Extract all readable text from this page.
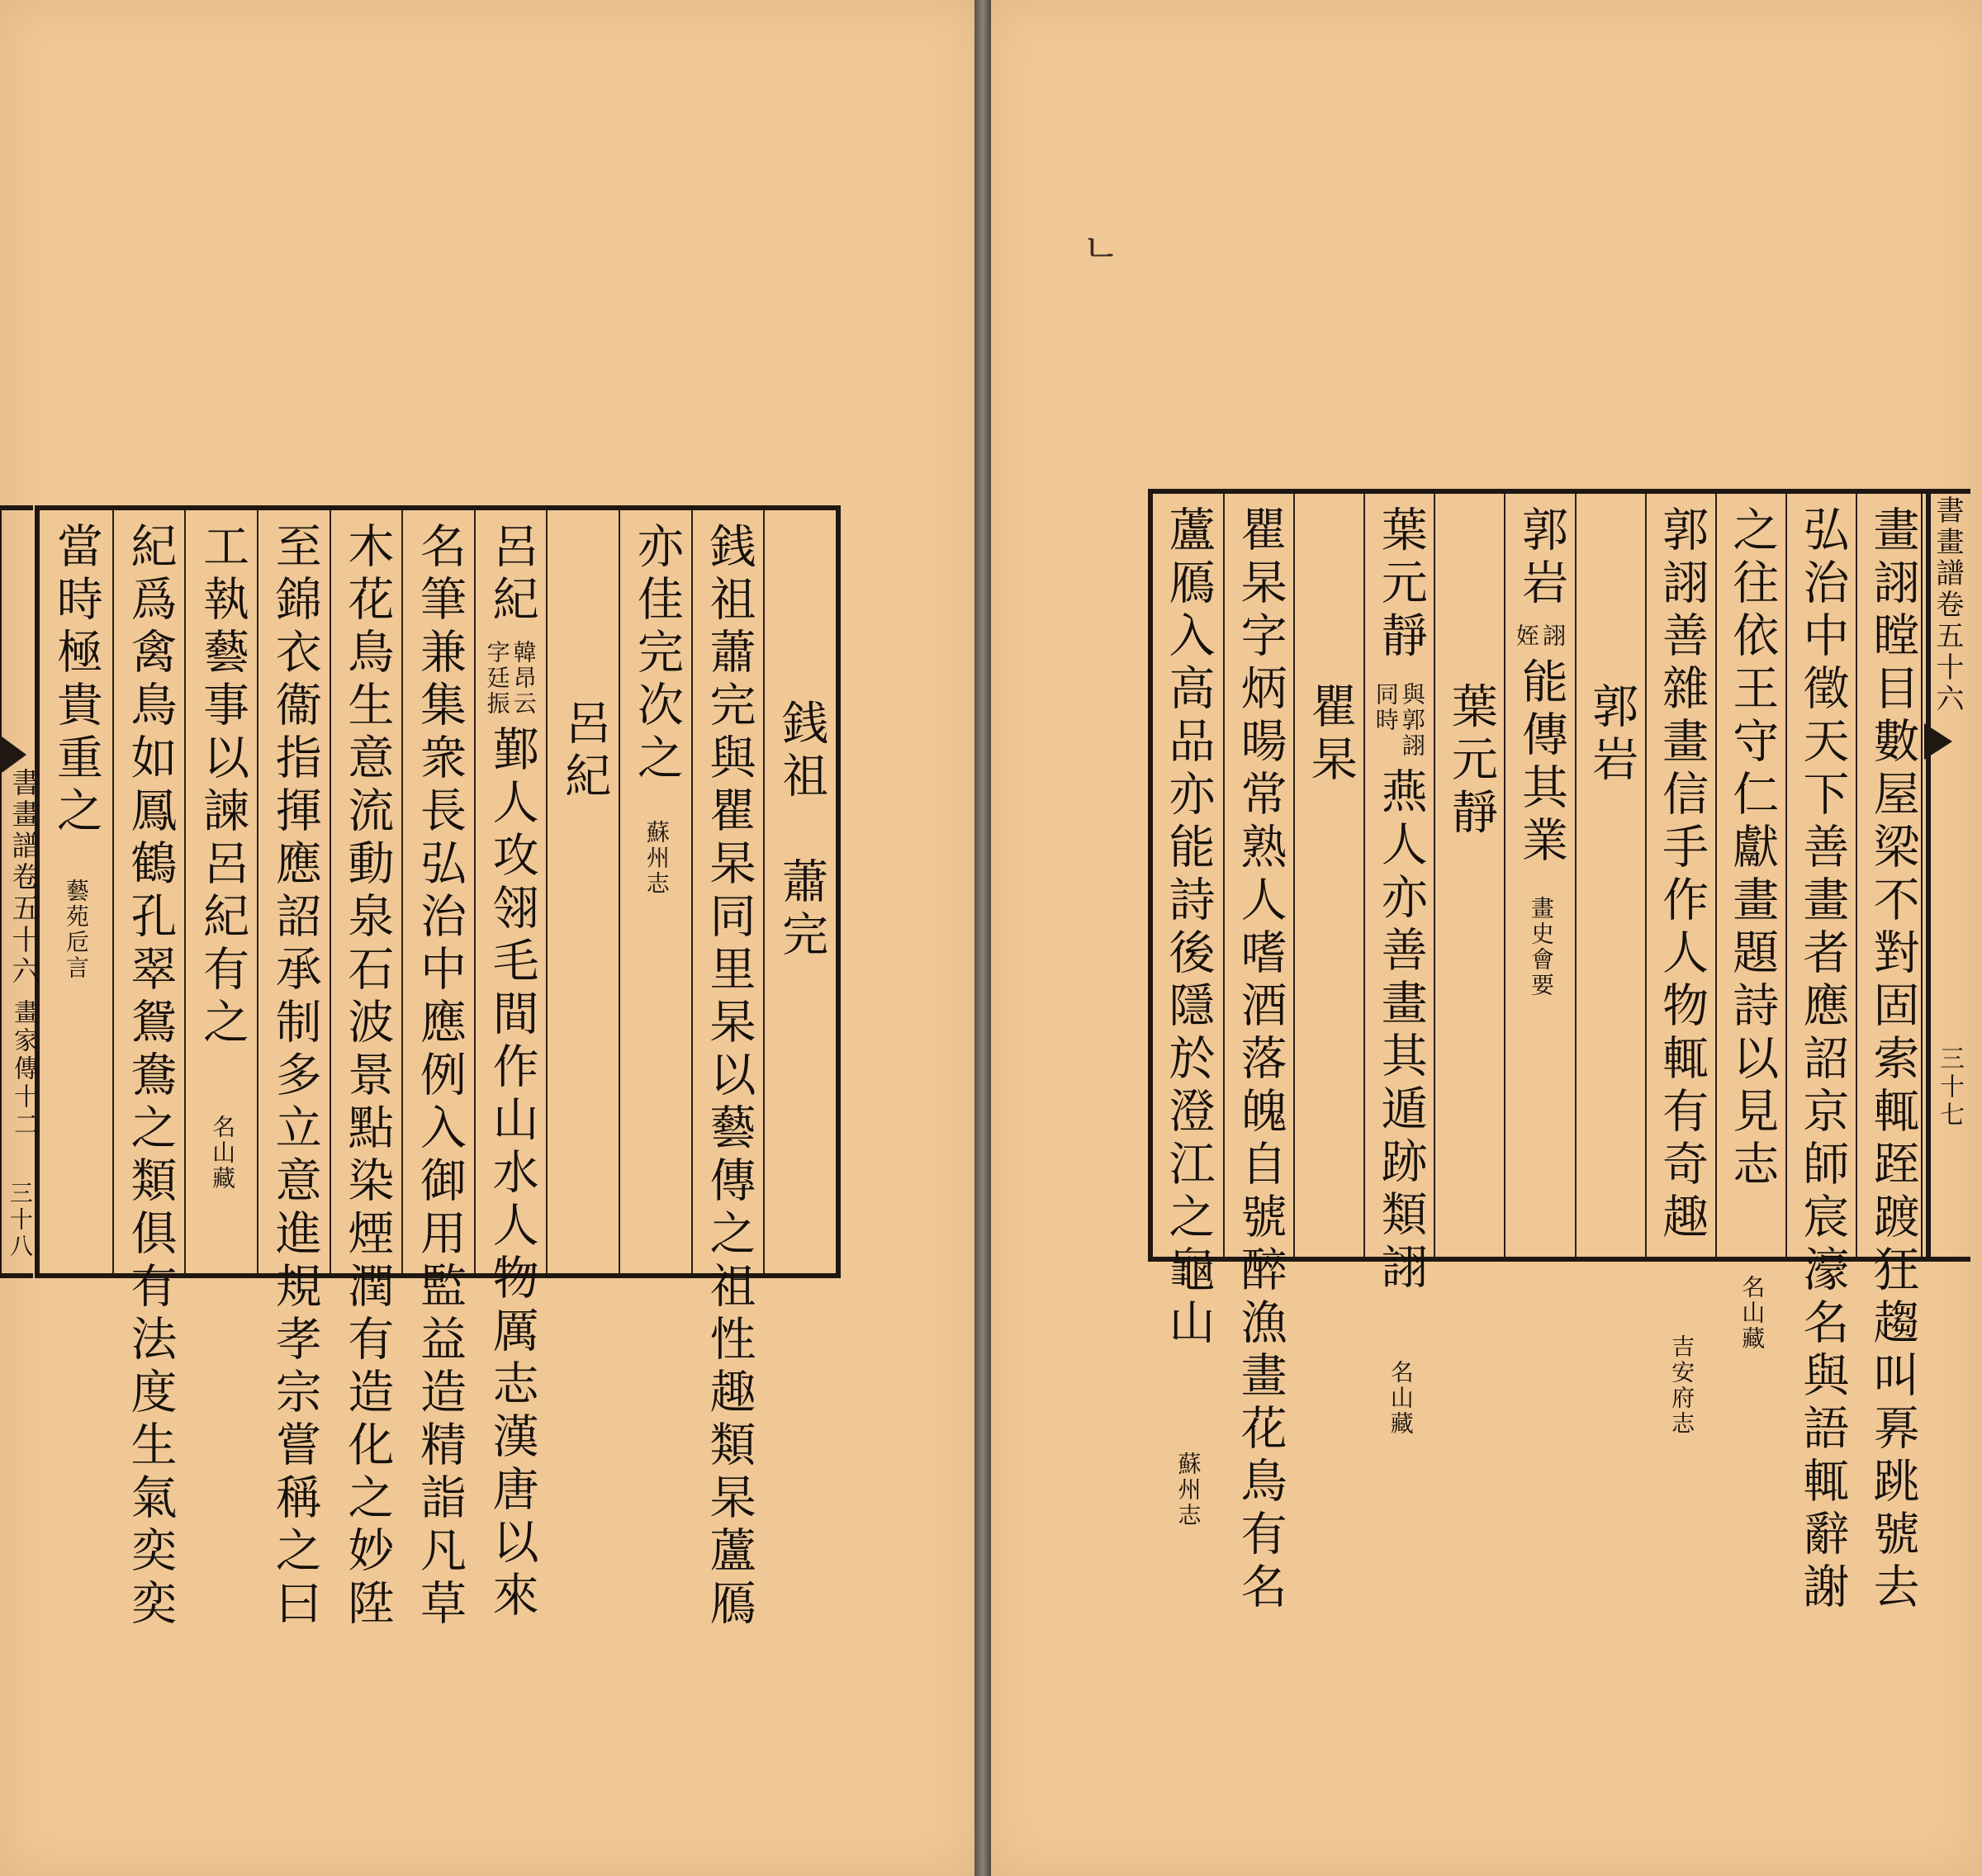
ㄴ
銭祖　蕭完
銭祖蕭完與瞿杲同里杲以藝傳之祖性趣類杲蘆鴈
亦佳完次之
蘇州志
呂紀
呂紀
韓昂云
字廷振
鄞人攻翎毛間作山水人物厲志漢唐以來
名筆兼集衆長弘治中應例入御用監益造精詣凡草
木花鳥生意流動泉石波景點染煙潤有造化之妙陞
至錦衣衞指揮應詔承制多立意進規孝宗嘗稱之曰
工執藝事以諫呂紀有之
名山藏
紀爲禽鳥如鳳鶴孔翠鴛鴦之類俱有法度生氣奕奕
當時極貴重之
藝苑卮言
書畫譜卷五十六
畫家傳十二
三十八	畫詡瞠目數屋梁不對固索輒跮踱狂趨叫奡跳號去
弘治中徵天下善畫者應詔京師宸濠名與語輒辭謝
之往依王守仁獻畫題詩以見志
名山藏
郭詡善雜畫信手作人物輒有奇趣
吉安府志
郭岩
郭岩
詡
姪
能傳其業
畫史會要
葉元靜
葉元靜
與郭詡
同時
燕人亦善畫其遁跡類詡
名山藏
瞿杲
瞿杲字炳暘常熟人嗜酒落魄自號醉漁畫花鳥有名
蘆鴈入高品亦能詩後隱於澄江之龜山
蘇州志
書畫譜卷五十六
三十七
